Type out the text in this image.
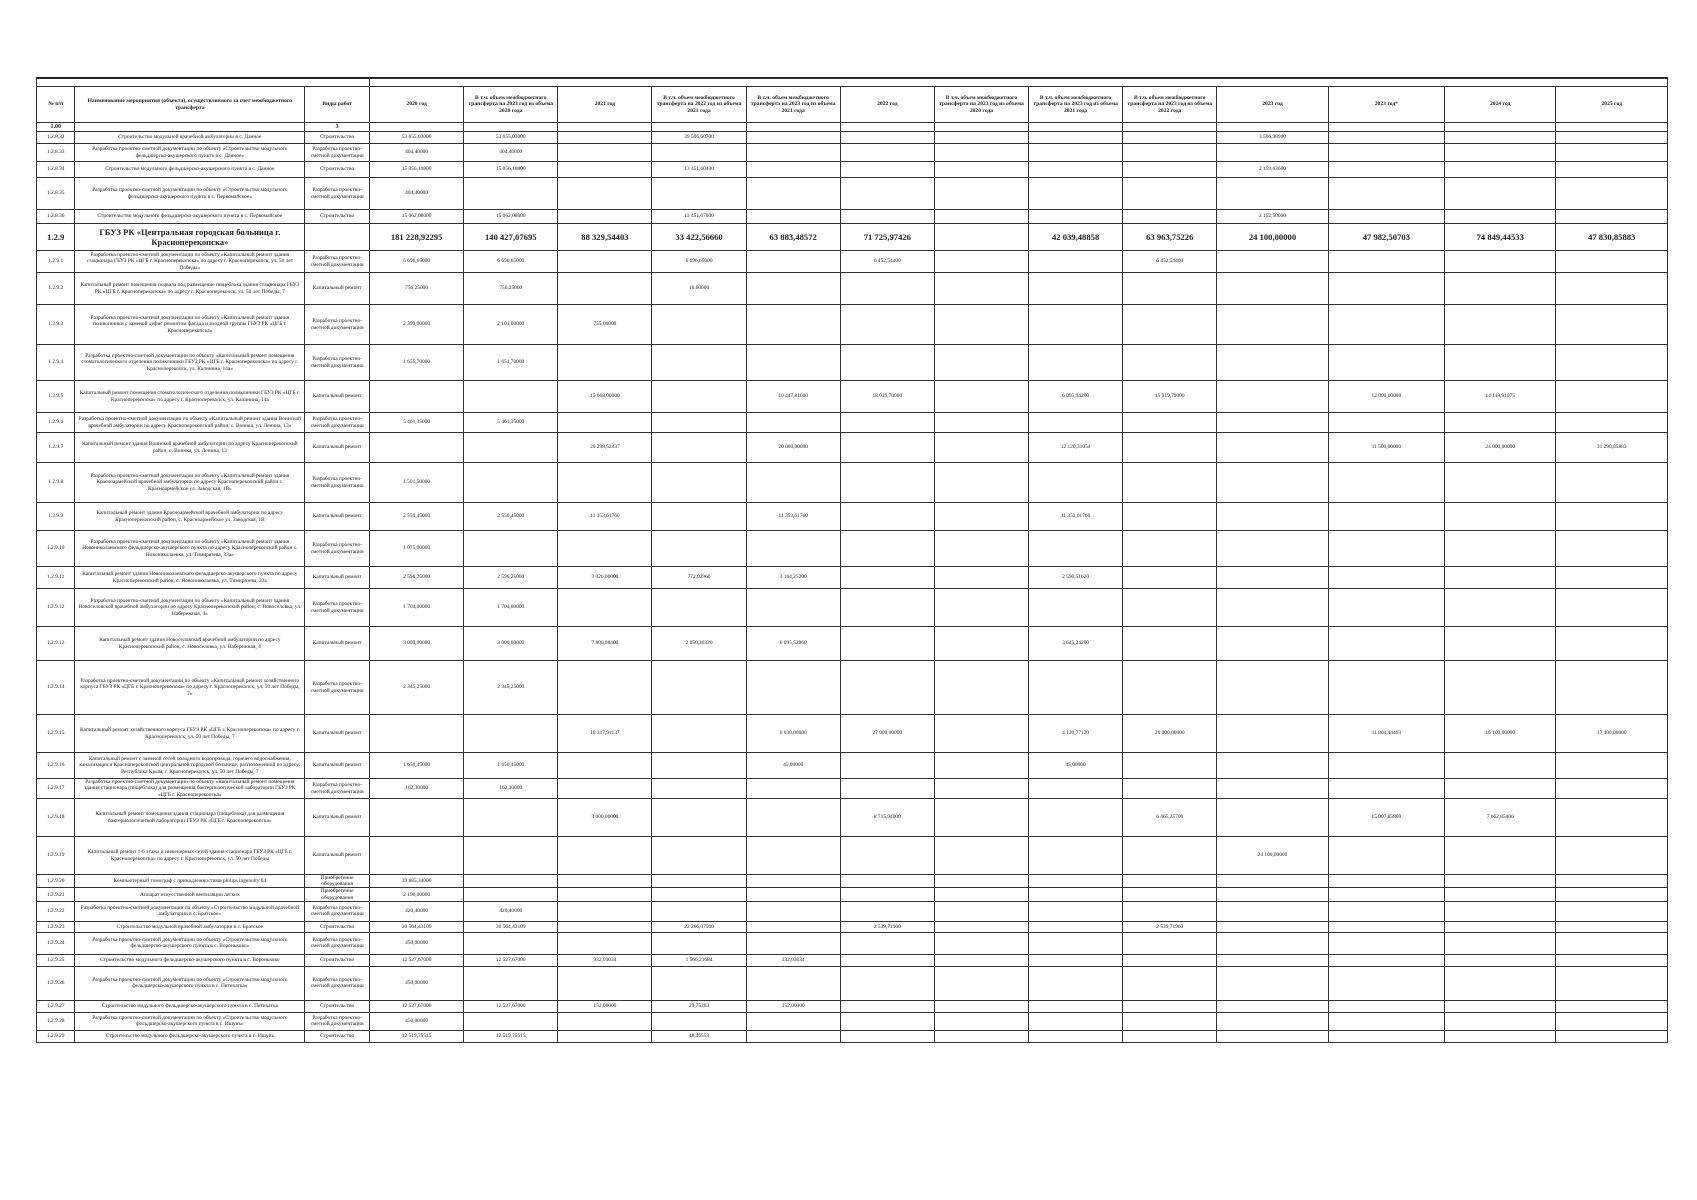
№ п/п	Наименование мероприятия (объекта), осуществляемого за счет межбюджетного трансферта	Виды работ	2020 год	В т.ч. объем межбюджетного трансферта на 2023 год из объема 2020 года	2021 год	В т.ч. объем межбюджетного трансферта на 2022 год из объема 2021 года	В т.ч. объем межбюджетного трансферта на 2023 год из объема 2021 года	2022 год	В т.ч. объем межбюджетного трансферта на 2023 год из объема 2020 года	В т.ч. объем межбюджетного трансферта на 2023 год из объема 2021 года	В т.ч. объем межбюджетного трансферта на 2023 год из объема 2022 года	2023 год	2023 год*	2024 год	2025 год
1.00		3													
1.2.8.32	Строительство модульной врачебной амбулатории в с. Данное	Строительство	53 655,03000	53 655,03000		39 506,60700						3 506,98900			
1.2.8.33	Разработка проектно-сметной документации по объекту «Строительство модульного фельдшерско-акушерского пункта в с. Данное»	Разработка проектно-сметной документации	404,40000	404,40000											
1.2.8.34	Строительство модульного фельдшерско-акушерского пункта в с. Данное	Строительство	15 056,10800	15 056,10800		13 451,60400						2 159,63600			
1.2.8.35	Разработка проектно-сметной документации по объекту «Строительство модульного фельдшерско-акушерского пункта в с. Первомайское»	Разработка проектно-сметной документации	404,40000												
1.2.8.36	Строительство модульного фельдшерско-акушерского пункта в с. Первомайское	Строительство	15 062,08000	15 062,08000		13 451,07000						2 152,50000			
1.2.9	ГБУЗ РК «Центральная городская больница г. Красноперекопска»		181 228,92295	140 427,07695	88 329,54403	33 422,56660	63 883,48572	71 725,97426		42 039,48858	63 963,75226	24 100,00000	47 982,50703	74 849,44533	47 830,85883
1.2.9.1	Разработка проектно-сметной документации по объекту «Капитальный ремонт здания стационара ГБУЗ РК «ЦГБ г. Красноперекопска» по адресу г. Красноперекопск, ул. 50 лет Победы»	Разработка проектно-сметной документации	6 696,65000	6 696,65000		6 696,65000		6 452,54400			6 452,54400				
1.2.9.2	Капитальный ремонт помещения подвала под размещение пищеблока здания стационара ГБУЗ РК «ЦГБ г. Красноперекопска» по адресу г. Красноперекопск, ул. 50 лет Победы, 7	Капитальный ремонт	756,25000	756,25000		16,60000									
1.2.9.3	Разработка проектно-сметной документации по объекту «Капитальный ремонт здания поликлиники с заменой дефис ремонтом фасада и входной группы ГБУЗ РК «ЦГБ г. Красноперекопска»	Разработка проектно-сметной документации	2 399,00000	2 101,00000	755,00000										
1.2.9.4	Разработка проектно-сметной документации по объекту «Капитальный ремонт помещения стоматологического отделения поликлиники ГБУЗ РК «ЦГБ г. Красноперекопска» по адресу г. Красноперекопск, ул. Калинина, 14а»	Разработка проектно-сметной документации	1 655,70000	1 651,70000											
1.2.9.5	Капитальный ремонт помещения стоматологического отделения поликлиники ГБУЗ РК «ЦГБ г. Красноперекопска» по адресу г. Красноперекопск, ул. Калинина, 14а	Капитальный ремонт			15 068,00000		10 447,81600	18 019,70000		6 095,94200	15 919,79000		12 000,00000	14 118,91075	
1.2.9.6	Разработка проектно-сметной документации по объекту «Капитальный ремонт здания Воинской врачебной амбулатории по адресу Красноперекопский район, с. Воинка, ул. Ленина, 13»	Разработка проектно-сметной документации	5 461,35000	5 461,35000											
1.2.9.7	Капитальный ремонт здания Воинской врачебной амбулатории по адресу Красноперекопский район, с. Воинка, ул. Ленина, 13	Капитальный ремонт			20 298,52437		20 000,00000			12 120,31054			11 500,00000	24 000,00000	31 290,85883
1.2.9.8	Разработка проектно-сметной документации по объекту «Капитальный ремонт здания Красноармейской врачебной амбулатории по адресу Красноперекопский район с. Красноармейское ул. Заводская, 1В»	Разработка проектно-сметной документации	1 501,50000												
1.2.9.9	Капитальный ремонт здания Красноармейской врачебной амбулатории по адресу Красноперекопский район, с. Красноармейское ул. Заводская, 1В	Капитальный ремонт	2 550,45000	2 550,45000	11 353,61760		11 353,61760			11 353,61760					
1.2.9.10	Разработка проектно-сметной документации по объекту «Капитальный ремонт здания Новониколаевского фельдшерско-акушерского пункта по адресу Красноперекопский район с. Новониколаевка, ул. Тимирязева, 33а»	Разработка проектно-сметной документации	1 075,00000												
1.2.9.11	Капитальный ремонт здания Новониколаевского фельдшерско-акушерского пункта по адресу Красноперекопский район, с. Новониколаевка, ул. Тимирязева, 33а	Капитальный ремонт	2 596,25000	2 596,25000	3 026,00000	772,02960	3 164,25200			2 590,51620					
1.2.9.12	Разработка проектно-сметной документации по объекту «Капитальный ремонт здания Новоселовской врачебной амбулатории по адресу Красноперекопский район, с. Новоселовка, ул. Набережная, 4»	Разработка проектно-сметной документации	1 704,00000	1 704,00000											
1.2.9.13	Капитальный ремонт здания Новоселовской врачебной амбулатории по адресу Красноперекопский район, с. Новоселовка, ул. Набережная, 4	Капитальный ремонт	3 000,00000	3 000,00000	7 806,98400	2 050,36320	6 095,52960			3 645,24200					
1.2.9.14	Разработка проектно-сметной документации по объекту «Капитальный ремонт хозяйственного корпуса ГБУЗ РК «ЦГБ г. Красноперекопска» по адресу г. Красноперекопск, ул. 50 лет Победы, 7»	Разработка проектно-сметной документации	2 345,25000	2 345,25000											
1.2.9.15	Капитальный ремонт хозяйственного корпуса ГБУЗ РК «ЦГБ г. Красноперекопска» по адресу г. Красноперекопск, ул. 50 лет Победы, 7	Капитальный ремонт			18 317,91137		6 030,00000	27 000,00000		4 120,77120	20 000,00000		11 804,44403	16 100,00000	17 400,00000
1.2.9.16	Капитальный ремонт с заменой сетей холодного водопровода, горячего водоснабжения, канализации в Красноперекопской центральной городской больнице, расположенной по адресу: Республика Крым, г. Красноперекопск, ул. 50 лет Победы, 7	Капитальный ремонт	1 650,45000	1 650,45000			45,00000			45,00000					
1.2.9.17	Разработка проектно-сметной документации по объекту «Капитальный ремонт помещения здания стационара (пищеблока) для размещения бактериологической лаборатории ГБУЗ РК «ЦГБ г. Красноперекопска»	Разработка проектно-сметной документации	162,30000	162,30000											
1.2.9.18	Капитальный ремонт помещения здания стационара (пищеблока) для размещения бактериологической лаборатории ГБУЗ РК «ЦГБ г. Красноперекопска»	Капитальный ремонт			3 000,00000			8 715,94000			6 465,25700		15 007,85800	7 062,85000	
1.2.9.19	Капитальный ремонт 1-6 этажа и инженерных сетей здания стационара ГБУЗ РК «ЦГБ г. Красноперекопска» по адресу г. Красноперекопск, ул. 50 лет Победы	Капитальный ремонт										24 100,00000			
1.2.9.20	Компьютерный томограф с принадлежностями philips ingenuity 64	Приобретение оборудования	39 885,34000												
1.2.9.21	Аппарат искусственной вентиляции легких	Приобретение оборудования	2 190,00000												
1.2.9.22	Разработка проектно-сметной документации по объекту «Строительство модульной врачебной амбулатории в с. Братское»	Разработка проектно-сметной документации	420,40000	420,40000											
1.2.9.23	Строительство модульной врачебной амбулатории в с. Братское	Строительство	30 564,43109	30 564,43109		22 266,07500		2 539,71960			2 539,71960				
1.2.9.24	Разработка проектно-сметной документации по объекту «Строительство модульного фельдшерско-акушерского пункта в с. Вороньково»	Разработка проектно-сметной документации	450,00000												
1.2.9.25	Строительство модульного фельдшерско-акушерского пункта в с. Вороньково	Строительство	12 527,67000	12 527,67000	332,03034	1 566,21684	332,03034								
1.2.9.26	Разработка проектно-сметной документации по объекту «Строительство модульного фельдшерско-акушерского пункта в с. Пятихатка»	Разработка проектно-сметной документации	450,00000												
1.2.9.27	Строительство модульного фельдшерско-акушерского пункта в с. Пятихатка	Строительство	12 527,67000	12 527,67000	152,00000	29,75363	152,00000								
1.2.9.28	Разработка проектно-сметной документации по объекту «Строительство модульного фельдшерско-акушерского пункта в с. Ишунь»	Разработка проектно-сметной документации	450,00000												
1.2.9.29	Строительство модульного фельдшерско-акушерского пункта в с. Ишунь	Строительство	12 519,75515	12 519,75515		48,46553									
